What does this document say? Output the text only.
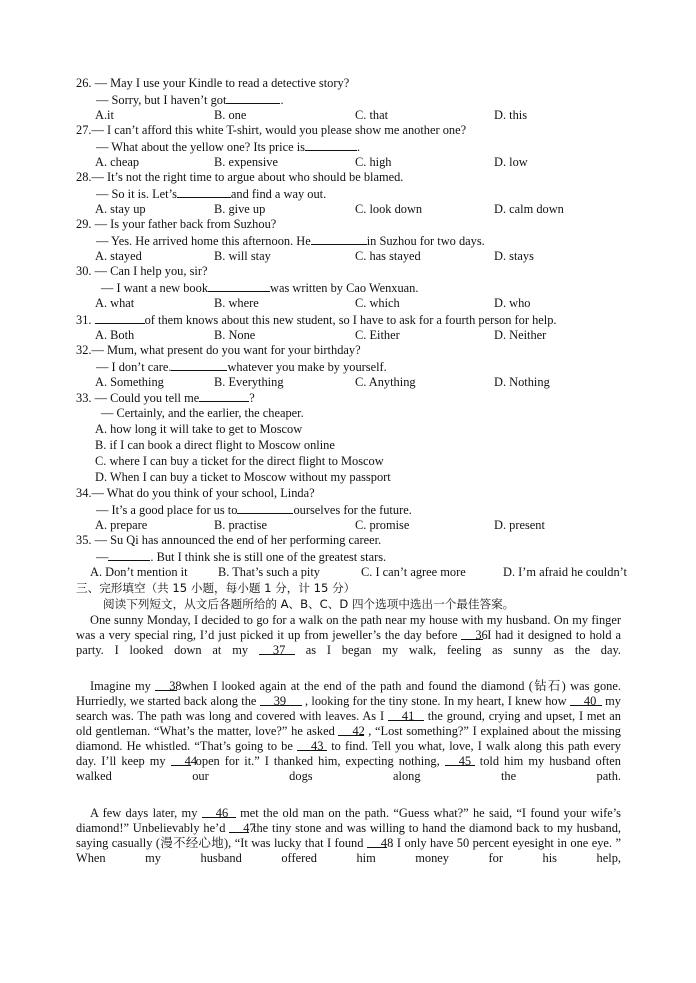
26. — May I use your Kindle to read a detective story?
— Sorry, but I haven’t got	.
A.it	B. one	C. that	D. this
27.— I can’t afford this white T-shirt, would you please show me another one?
— What about the yellow one? Its price is	.
A. cheap	B. expensive	C. high	D. low
28.— It’s not the right time to argue about who should be blamed.
— So it is. Let’s	and find a way out.
A. stay up	B. give up	C. look down	D. calm down
29. — Is your father back from Suzhou?
— Yes. He arrived home this afternoon. He	in Suzhou for two days.
A. stayed	B. will stay	C. has stayed	D. stays
30. — Can I help you, sir?
— I want a new book	was written by Cao Wenxuan.
A. what	B. where	C. which	D. who
31.	of them knows about this new student, so I have to ask for a fourth person for help.
A. Both	B. None	C. Either	D. Neither
32.— Mum, what present do you want for your birthday?
— I don’t care.	whatever you make by yourself.
A. Something	B. Everything	C. Anything	D. Nothing
33. — Could you tell me	?
— Certainly, and the earlier, the cheaper.
A. how long it will take to get to Moscow
B. if I can book a direct flight to Moscow online
C. where I can buy a ticket for the direct flight to Moscow
D. When I can buy a ticket to Moscow without my passport
34.— What do you think of your school, Linda?
— It’s a good place for us to	ourselves for the future.
A. prepare	B. practise	C. promise	D. present
35. — Su Qi has announced the end of her performing career.
—	. But I think she is still one of the greatest stars.
A. Don’t mention it B. That’s such a pity	C. I can’t agree more	D. I’m afraid he couldn’t
三、完形填空（共 15 小题，每小题 1 分，计 15 分）
阅读下列短文，从文后各题所给的 A、B、C、D 四个选项中选出一个最佳答案。
One sunny Monday, I decided to go for a walk on the path near my house with my husband. On my finger was a very special ring, I’d just picked it up from jeweller’s the day before 36 I had it designed to hold a party. I looked down at my 37 as I began my walk, feeling as sunny as the day.
Imagine my 38 when I looked again at the end of the path and found the diamond (钻石) was gone. Hurriedly, we started back along the 39 , looking for the tiny stone. In my heart, I knew how 40 my search was. The path was long and covered with leaves. As I 41 the ground, crying and upset, I met an old gentleman. “What’s the matter, love?” he asked 42 , “Lost something?” I explained about the missing diamond. He whistled. “That’s going to be 43 to find. Tell you what, love, I walk along this path every day. I’ll keep my 44 open for it.” I thanked him, expecting nothing, 45 told him my husband often walked our dogs along the path.
A few days later, my 46 met the old man on the path. “Guess what?” he said, “I found your wife’s diamond!” Unbelievably he’d 47 the tiny stone and was willing to hand the diamond back to my husband, saying casually (漫不经心地), “It was lucky that I found 48 . I only have 50 percent eyesight in one eye. ” When my husband offered him money for his help,
